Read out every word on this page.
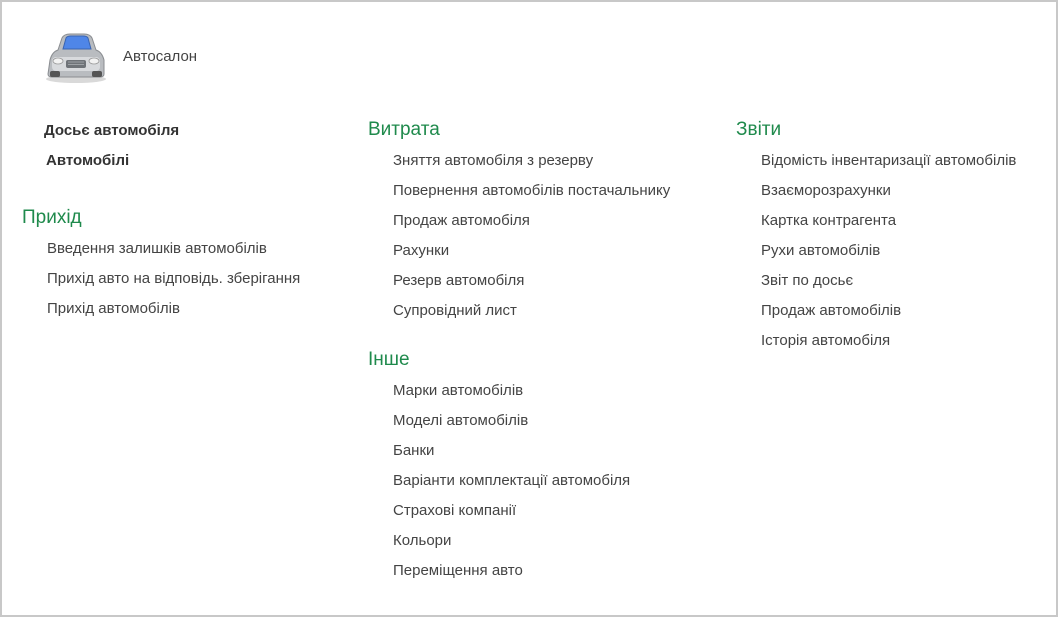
Автосалон
Досьє автомобіля
Автомобілі
Прихід
Введення залишків автомобілів
Прихід авто на відповідь. зберігання
Прихід автомобілів
Витрата
Зняття автомобіля з резерву
Повернення автомобілів постачальнику
Продаж автомобіля
Рахунки
Резерв автомобіля
Супровідний лист
Інше
Марки автомобілів
Моделі автомобілів
Банки
Варіанти комплектації автомобіля
Страхові компанії
Кольори
Переміщення авто
Звіти
Відомість інвентаризації автомобілів
Взаєморозрахунки
Картка контрагента
Рухи автомобілів
Звіт по досьє
Продаж автомобілів
Історія автомобіля
